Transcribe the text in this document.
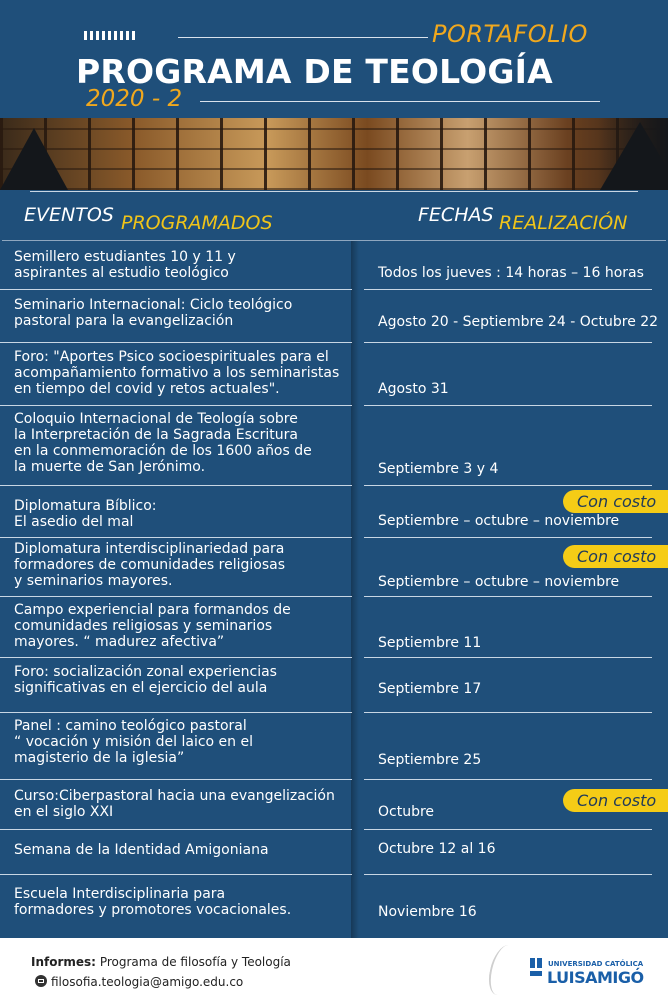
PORTAFOLIO
PROGRAMA DE TEOLOGÍA
2020 - 2
EVENTOS PROGRAMADOS	FECHAS REALIZACIÓN
Semillero estudiantes 10 y 11 y
aspirantes al estudio teológico	Todos los jueves : 14 horas – 16 horas
Seminario Internacional: Ciclo teológico
pastoral para la evangelización	Agosto 20 - Septiembre 24 - Octubre 22
Foro: "Aportes Psico socioespirituales para el
acompañamiento formativo a los seminaristas
en tiempo del covid y retos actuales".	Agosto 31
Coloquio Internacional de Teología sobre
la Interpretación de la Sagrada Escritura
en la conmemoración de los 1600 años de
la muerte de San Jerónimo.	Septiembre 3 y 4
Diplomatura Bíblico:
El asedio del mal	Septiembre – octubre – noviembre
Con costo
Diplomatura interdisciplinariedad para
formadores de comunidades religiosas
y seminarios mayores.	Septiembre – octubre – noviembre
Con costo
Campo experiencial para formandos de
comunidades religiosas y seminarios
mayores. “ madurez afectiva”	Septiembre 11
Foro: socialización zonal experiencias
significativas en el ejercicio del aula	Septiembre 17
Panel : camino teológico pastoral
“ vocación y misión del laico en el
magisterio de la iglesia”	Septiembre 25
Curso:Ciberpastoral hacia una evangelización
en el siglo XXI	Octubre
Con costo
Semana de la Identidad Amigoniana	Octubre 12 al 16
Escuela Interdisciplinaria para
formadores y promotores vocacionales.	Noviembre 16
Informes: Programa de filosofía y Teología
filosofia.teologia@amigo.edu.co
UNIVERSIDAD CATÓLICA
LUISAMIGÓ
